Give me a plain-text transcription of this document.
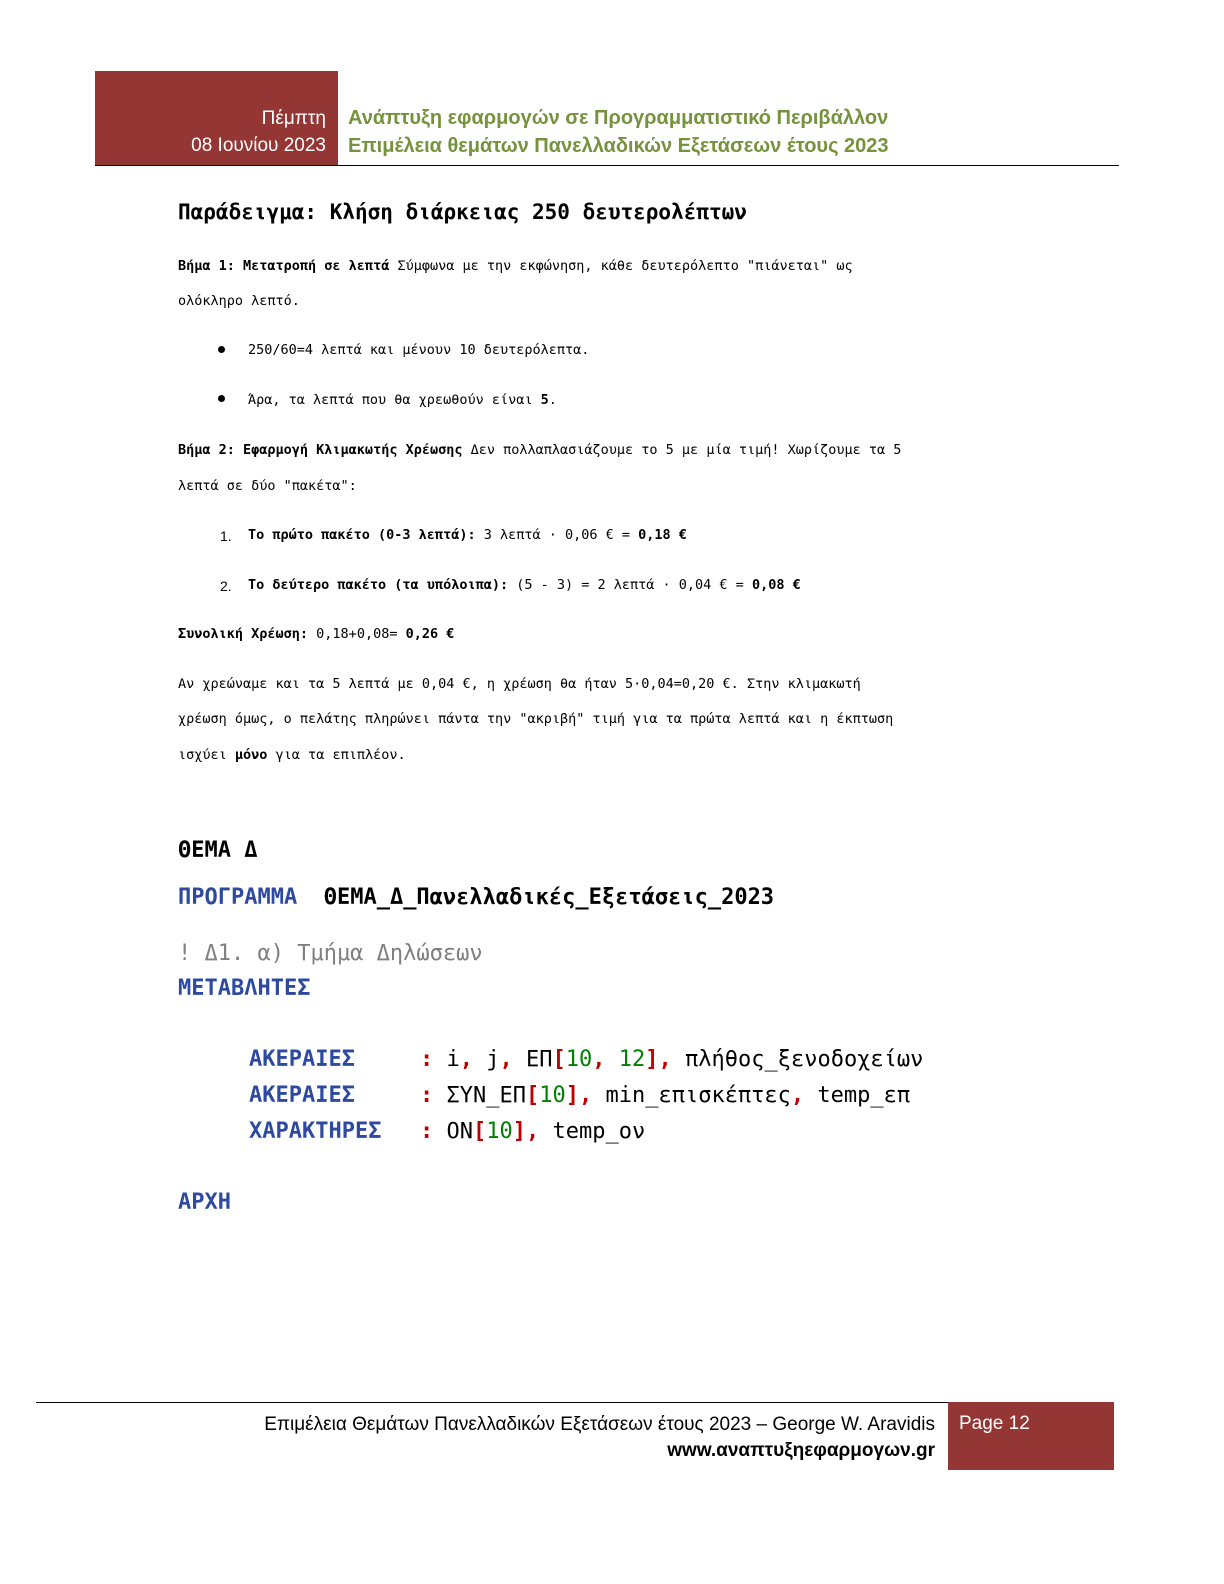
Πέμπτη
08 Ιουνίου 2023
Ανάπτυξη εφαρμογών σε Προγραμματιστικό Περιβάλλον
Επιμέλεια θεμάτων Πανελλαδικών Εξετάσεων έτους 2023
Παράδειγμα: Κλήση διάρκειας 250 δευτερολέπτων
Βήμα 1: Μετατροπή σε λεπτά Σύμφωνα με την εκφώνηση, κάθε δευτερόλεπτο "πιάνεται" ως
ολόκληρο λεπτό.
250/60=4 λεπτά και μένουν 10 δευτερόλεπτα.
Άρα, τα λεπτά που θα χρεωθούν είναι 5.
Βήμα 2: Εφαρμογή Κλιμακωτής Χρέωσης Δεν πολλαπλασιάζουμε το 5 με μία τιμή! Χωρίζουμε τα 5
λεπτά σε δύο "πακέτα":
1. Το πρώτο πακέτο (0-3 λεπτά): 3 λεπτά · 0,06 € = 0,18 €
2. Το δεύτερο πακέτο (τα υπόλοιπα): (5 - 3) = 2 λεπτά · 0,04 € = 0,08 €
Συνολική Χρέωση: 0,18+0,08= 0,26 €
Αν χρεώναμε και τα 5 λεπτά με 0,04 €, η χρέωση θα ήταν 5·0,04=0,20 €. Στην κλιμακωτή
χρέωση όμως, ο πελάτης πληρώνει πάντα την "ακριβή" τιμή για τα πρώτα λεπτά και η έκπτωση
ισχύει μόνο για τα επιπλέον.
ΘΕΜΑ Δ
ΠΡΟΓΡΑΜΜΑ ΘΕΜΑ_Δ_Πανελλαδικές_Εξετάσεις_2023
! Δ1. α) Τμήμα Δηλώσεων
ΜΕΤΑΒΛΗΤΕΣ
ΑΚΕΡΑΙΕΣ	: i, j, ΕΠ[10, 12], πλήθος_ξενοδοχείων
ΑΚΕΡΑΙΕΣ	: ΣΥΝ_ΕΠ[10], min_επισκέπτες, temp_επ
ΧΑΡΑΚΤΗΡΕΣ : ΟΝ[10], temp_ον
ΑΡΧΗ
Επιμέλεια Θεμάτων Πανελλαδικών Εξετάσεων έτους 2023 – George W. Aravidis
www.αναπτυξηεφαρμογων.gr
Page 12
